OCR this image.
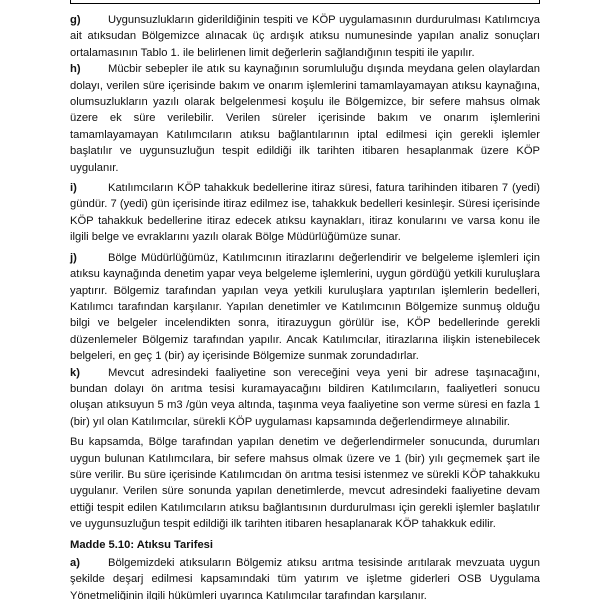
g) Uygunsuzlukların giderildiğinin tespiti ve KÖP uygulamasının durdurulması Katılımcıya ait atıksudan Bölgemizce alınacak üç ardışık atıksu numunesinde yapılan analiz sonuçları ortalamasının Tablo 1. ile belirlenen limit değerlerin sağlandığının tespiti ile yapılır.

h) Mücbir sebepler ile atık su kaynağının sorumluluğu dışında meydana gelen olaylardan dolayı, verilen süre içerisinde bakım ve onarım işlemlerini tamamlayamayan atıksu kaynağına, olumsuzlukların yazılı olarak belgelenmesi koşulu ile Bölgemizce, bir sefere mahsus olmak üzere ek süre verilebilir. Verilen süreler içerisinde bakım ve onarım işlemlerini tamamlayamayan Katılımcıların atıksu bağlantılarının iptal edilmesi için gerekli işlemler başlatılır ve uygunsuzluğun tespit edildiği ilk tarihten itibaren hesaplanmak üzere KÖP uygulanır.

i)	Katılımcıların KÖP tahakkuk bedellerine itiraz süresi, fatura tarihinden itibaren 7 (yedi) gündür. 7 (yedi) gün içerisinde itiraz edilmez ise, tahakkuk bedelleri kesinleşir. Süresi içerisinde KÖP tahakkuk bedellerine itiraz edecek atıksu kaynakları, itiraz konularını ve varsa konu ile ilgili belge ve evraklarını yazılı olarak Bölge Müdürlüğümüze sunar.

j)	Bölge Müdürlüğümüz, Katılımcının itirazlarını değerlendirir ve belgeleme işlemleri için atıksu kaynağında denetim yapar veya belgeleme işlemlerini, uygun gördüğü yetkili kuruluşlara yaptırır. Bölgemiz tarafından yapılan veya yetkili kuruluşlara yaptırılan işlemlerin bedelleri, Katılımcı tarafından karşılanır. Yapılan denetimler ve Katılımcının Bölgemize sunmuş olduğu bilgi ve belgeler incelendikten sonra, itirazuygun görülür ise, KÖP bedellerinde gerekli düzenlemeler Bölgemiz tarafından yapılır. Ancak Katılımcılar, itirazlarına ilişkin istenebilecek belgeleri, en geç 1 (bir) ay içerisinde Bölgemize sunmak zorundadırlar.

k)	Mevcut adresindeki faaliyetine son vereceğini veya yeni bir adrese taşınacağını, bundan dolayı ön arıtma tesisi kuramayacağını bildiren Katılımcıların, faaliyetleri sonucu oluşan atıksuyun 5 m3 /gün veya altında, taşınma veya faaliyetine son verme süresi en fazla 1 (bir) yıl olan Katılımcılar, sürekli KÖP uygulaması kapsamında değerlendirmeye alınabilir.

Bu kapsamda, Bölge tarafından yapılan denetim ve değerlendirmeler sonucunda, durumları uygun bulunan Katılımcılara, bir sefere mahsus olmak üzere ve 1 (bir) yılı geçmemek şart ile süre verilir. Bu süre içerisinde Katılımcıdan ön arıtma tesisi istenmez ve sürekli KÖP tahakkuku uygulanır. Verilen süre sonunda yapılan denetimlerde, mevcut adresindeki faaliyetine devam ettiği tespit edilen Katılımcıların atıksu bağlantısının durdurulması için gerekli işlemler başlatılır ve uygunsuzluğun tespit edildiği ilk tarihten itibaren hesaplanarak KÖP tahakkuk edilir.

Madde 5.10: Atıksu Tarifesi

a)	Bölgemizdeki atıksuların Bölgemiz atıksu arıtma tesisinde arıtılarak mevzuata uygun şekilde deşarj edilmesi kapsamındaki tüm yatırım ve işletme giderleri OSB Uygulama Yönetmeliğinin ilgili hükümleri uyarınca Katılımcılar tarafından karşılanır.
